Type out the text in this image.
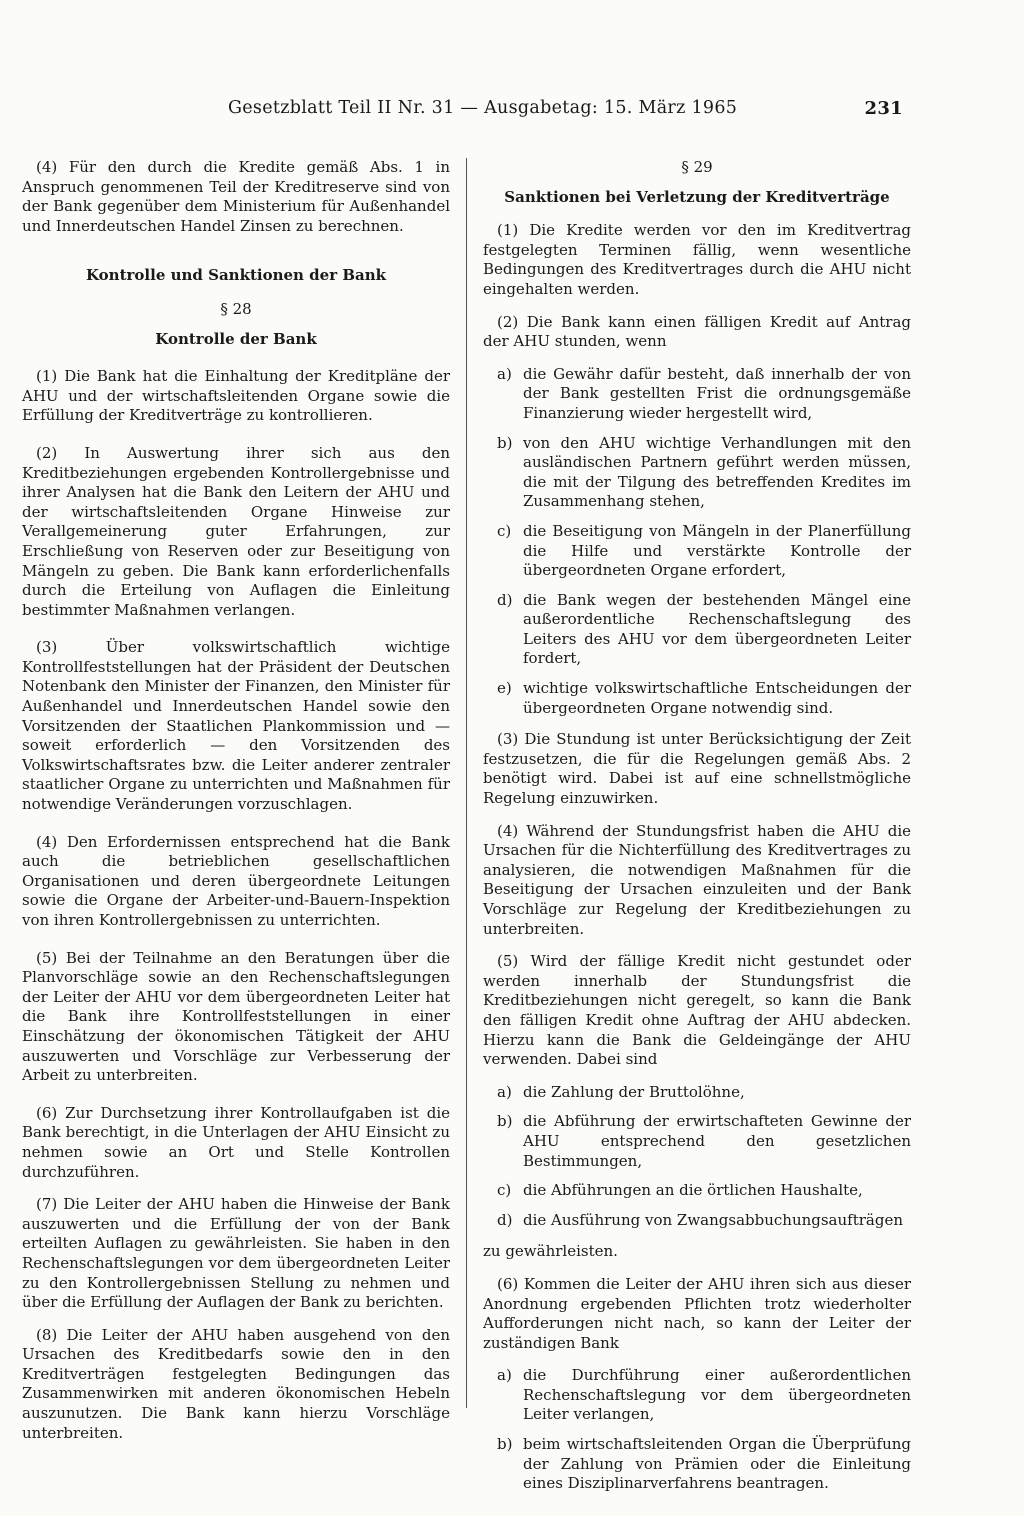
Gesetzblatt Teil II Nr. 31 — Ausgabetag: 15. März 1965	231

(4) Für den durch die Kredite gemäß Abs. 1 in Anspruch genommenen Teil der Kreditreserve sind von der Bank gegenüber dem Ministerium für Außenhandel und Innerdeutschen Handel Zinsen zu berechnen.

Kontrolle und Sanktionen der Bank
§ 28
Kontrolle der Bank

(1) Die Bank hat die Einhaltung der Kreditpläne der AHU und der wirtschaftsleitenden Organe sowie die Erfüllung der Kreditverträge zu kontrollieren.

(2) In Auswertung ihrer sich aus den Kreditbeziehungen ergebenden Kontrollergebnisse und ihrer Analysen hat die Bank den Leitern der AHU und der wirtschaftsleitenden Organe Hinweise zur Verallgemeinerung guter Erfahrungen, zur Erschließung von Reserven oder zur Beseitigung von Mängeln zu geben. Die Bank kann erforderlichenfalls durch die Erteilung von Auflagen die Einleitung bestimmter Maßnahmen verlangen.

(3) Über volkswirtschaftlich wichtige Kontrollfeststellungen hat der Präsident der Deutschen Notenbank den Minister der Finanzen, den Minister für Außenhandel und Innerdeutschen Handel sowie den Vorsitzenden der Staatlichen Plankommission und — soweit erforderlich — den Vorsitzenden des Volkswirtschaftsrates bzw. die Leiter anderer zentraler staatlicher Organe zu unterrichten und Maßnahmen für notwendige Veränderungen vorzuschlagen.

(4) Den Erfordernissen entsprechend hat die Bank auch die betrieblichen gesellschaftlichen Organisationen und deren übergeordnete Leitungen sowie die Organe der Arbeiter-und-Bauern-Inspektion von ihren Kontrollergebnissen zu unterrichten.

(5) Bei der Teilnahme an den Beratungen über die Planvorschläge sowie an den Rechenschaftslegungen der Leiter der AHU vor dem übergeordneten Leiter hat die Bank ihre Kontrollfeststellungen in einer Einschätzung der ökonomischen Tätigkeit der AHU auszuwerten und Vorschläge zur Verbesserung der Arbeit zu unterbreiten.

(6) Zur Durchsetzung ihrer Kontrollaufgaben ist die Bank berechtigt, in die Unterlagen der AHU Einsicht zu nehmen sowie an Ort und Stelle Kontrollen durchzuführen.

(7) Die Leiter der AHU haben die Hinweise der Bank auszuwerten und die Erfüllung der von der Bank erteilten Auflagen zu gewährleisten. Sie haben in den Rechenschaftslegungen vor dem übergeordneten Leiter zu den Kontrollergebnissen Stellung zu nehmen und über die Erfüllung der Auflagen der Bank zu berichten.

(8) Die Leiter der AHU haben ausgehend von den Ursachen des Kreditbedarfs sowie den in den Kreditverträgen festgelegten Bedingungen das Zusammenwirken mit anderen ökonomischen Hebeln auszunutzen. Die Bank kann hierzu Vorschläge unterbreiten.

§ 29
Sanktionen bei Verletzung der Kreditverträge

(1) Die Kredite werden vor den im Kreditvertrag festgelegten Terminen fällig, wenn wesentliche Bedingungen des Kreditvertrages durch die AHU nicht eingehalten werden.

(2) Die Bank kann einen fälligen Kredit auf Antrag der AHU stunden, wenn

a) die Gewähr dafür besteht, daß innerhalb der von der Bank gestellten Frist die ordnungsgemäße Finanzierung wieder hergestellt wird,
b) von den AHU wichtige Verhandlungen mit den ausländischen Partnern geführt werden müssen, die mit der Tilgung des betreffenden Kredites im Zusammenhang stehen,
c) die Beseitigung von Mängeln in der Planerfüllung die Hilfe und verstärkte Kontrolle der übergeordneten Organe erfordert,
d) die Bank wegen der bestehenden Mängel eine außerordentliche Rechenschaftslegung des Leiters des AHU vor dem übergeordneten Leiter fordert,
e) wichtige volkswirtschaftliche Entscheidungen der übergeordneten Organe notwendig sind.

(3) Die Stundung ist unter Berücksichtigung der Zeit festzusetzen, die für die Regelungen gemäß Abs. 2 benötigt wird. Dabei ist auf eine schnellstmögliche Regelung einzuwirken.

(4) Während der Stundungsfrist haben die AHU die Ursachen für die Nichterfüllung des Kreditvertrages zu analysieren, die notwendigen Maßnahmen für die Beseitigung der Ursachen einzuleiten und der Bank Vorschläge zur Regelung der Kreditbeziehungen zu unterbreiten.

(5) Wird der fällige Kredit nicht gestundet oder werden innerhalb der Stundungsfrist die Kreditbeziehungen nicht geregelt, so kann die Bank den fälligen Kredit ohne Auftrag der AHU abdecken. Hierzu kann die Bank die Geldeingänge der AHU verwenden. Dabei sind

a) die Zahlung der Bruttolöhne,
b) die Abführung der erwirtschafteten Gewinne der AHU entsprechend den gesetzlichen Bestimmungen,
c) die Abführungen an die örtlichen Haushalte,
d) die Ausführung von Zwangsabbuchungsaufträgen

zu gewährleisten.

(6) Kommen die Leiter der AHU ihren sich aus dieser Anordnung ergebenden Pflichten trotz wiederholter Aufforderungen nicht nach, so kann der Leiter der zuständigen Bank

a) die Durchführung einer außerordentlichen Rechenschaftslegung vor dem übergeordneten Leiter verlangen,
b) beim wirtschaftsleitenden Organ die Überprüfung der Zahlung von Prämien oder die Einleitung eines Disziplinarverfahrens beantragen.
